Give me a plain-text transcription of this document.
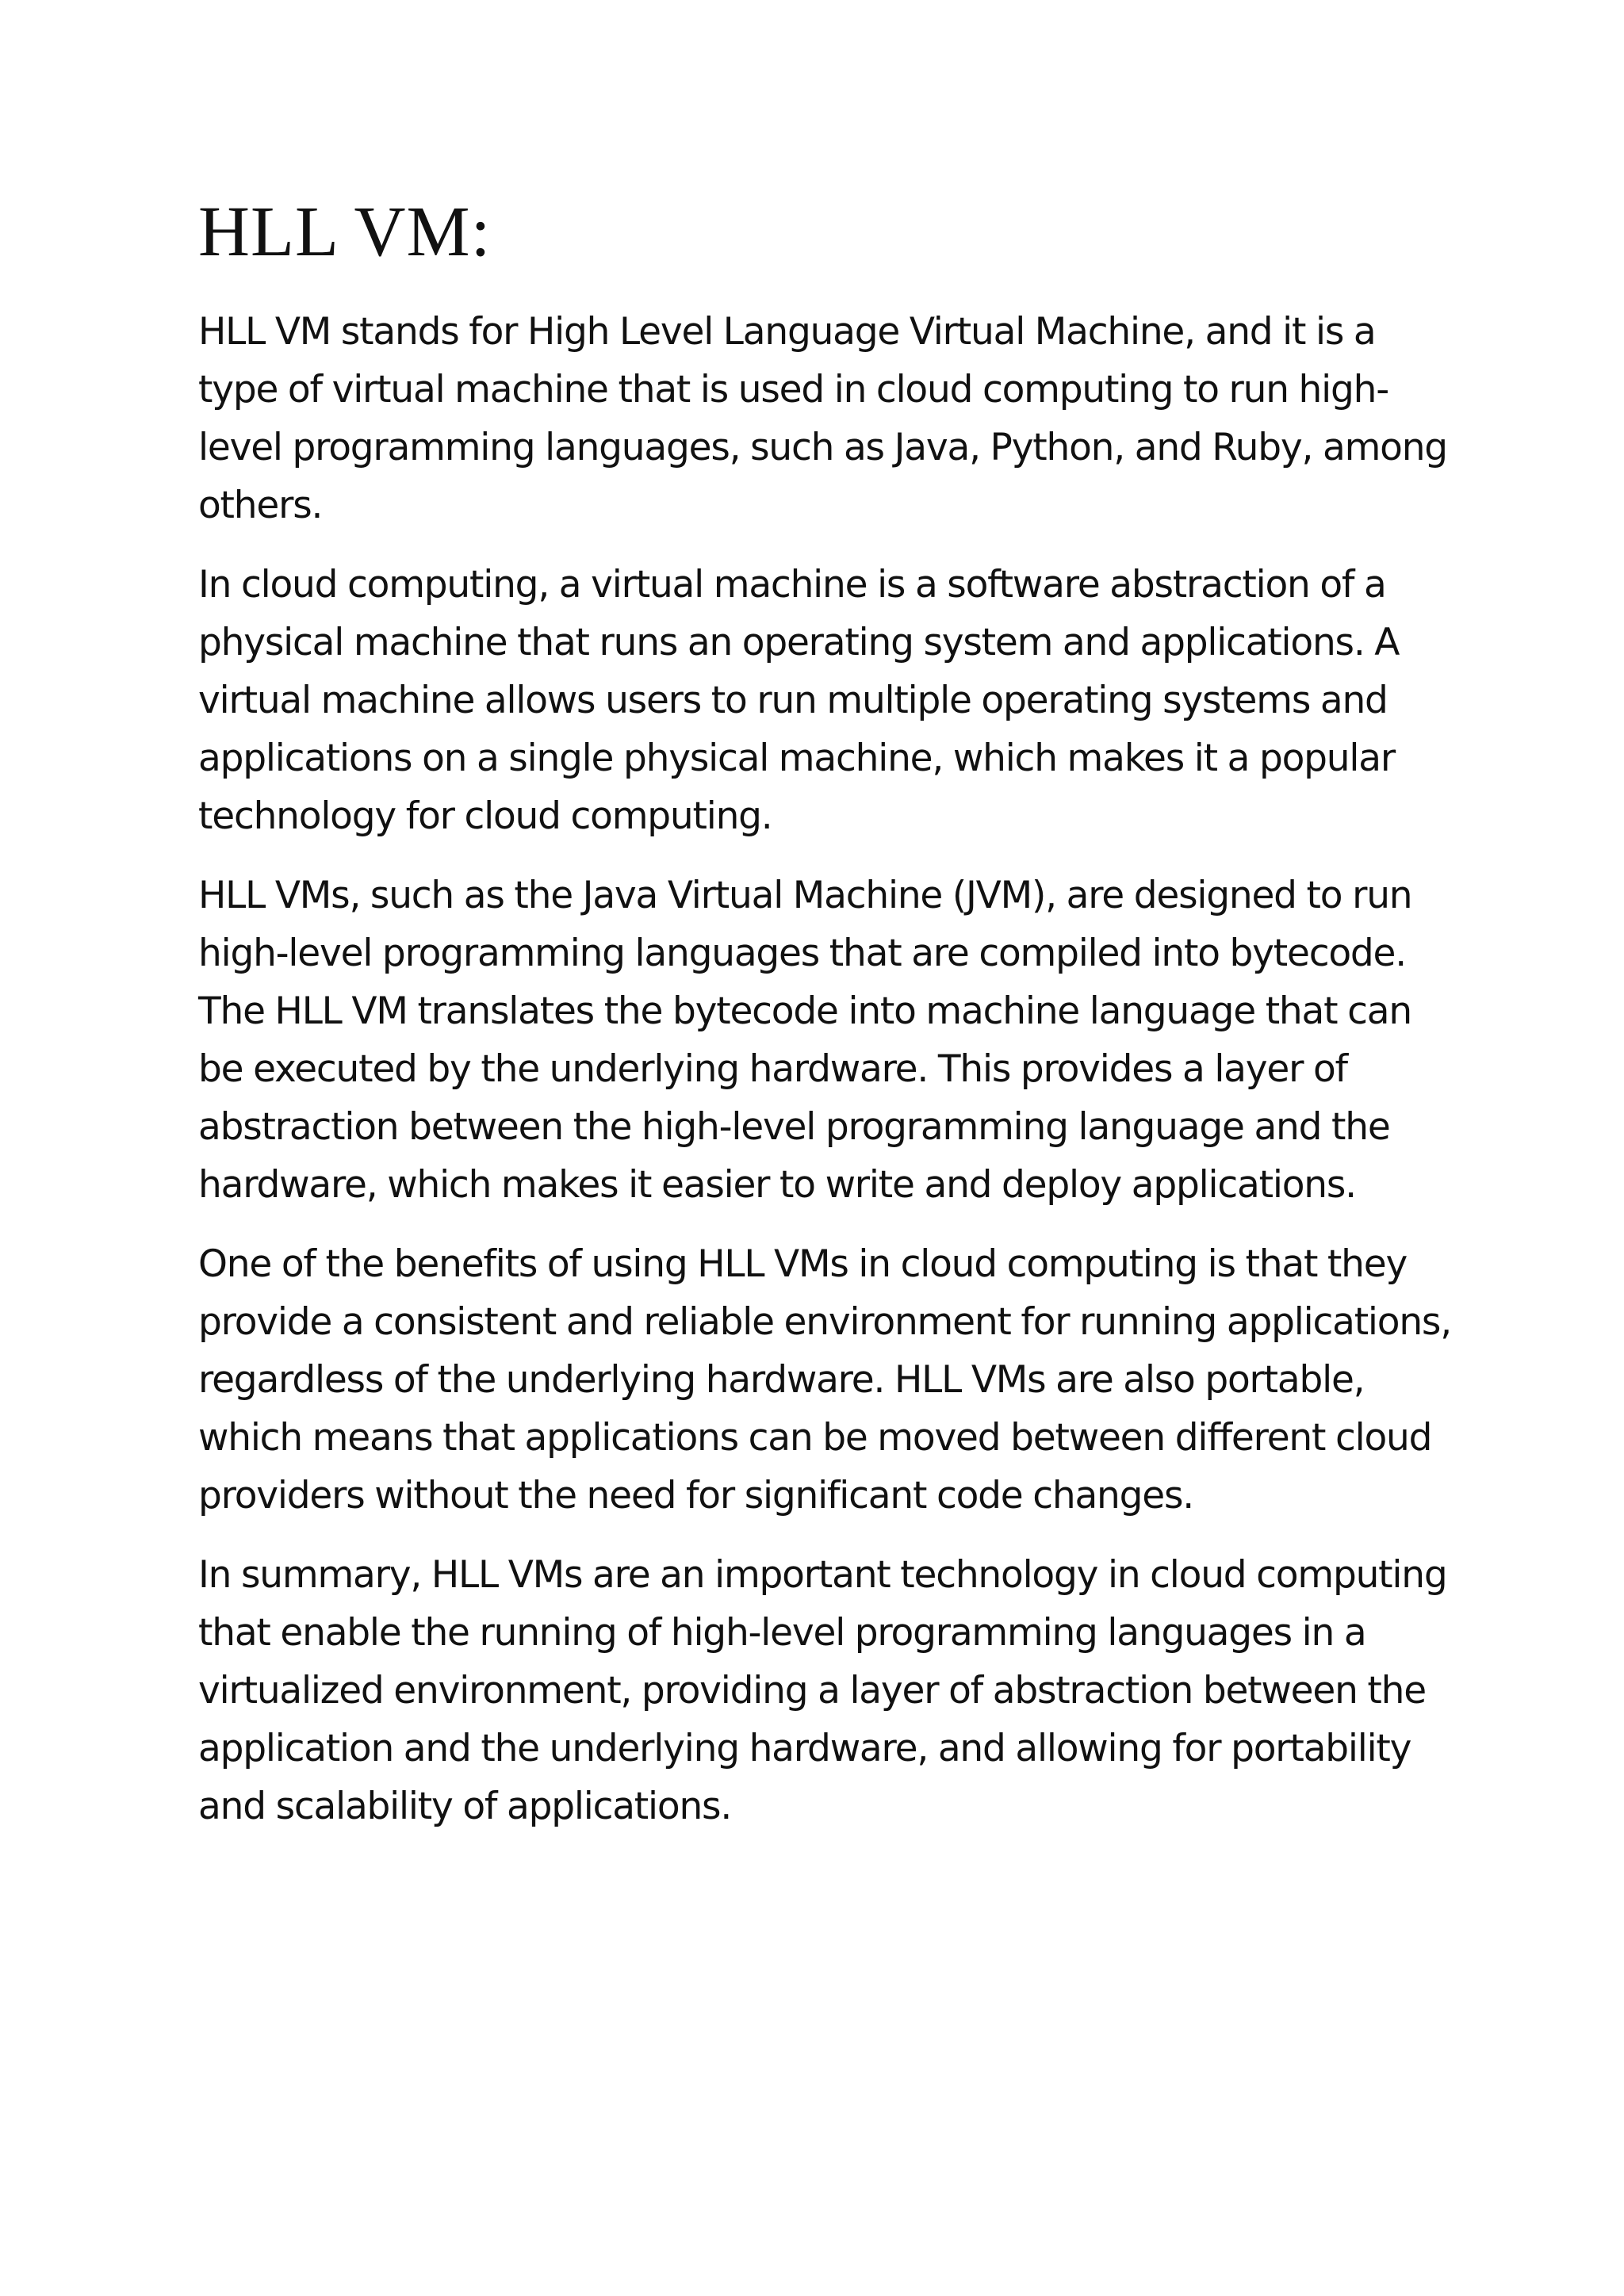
HLL VM:

HLL VM stands for High Level Language Virtual Machine, and it is a type of virtual machine that is used in cloud computing to run high-level programming languages, such as Java, Python, and Ruby, among others.

In cloud computing, a virtual machine is a software abstraction of a physical machine that runs an operating system and applications. A virtual machine allows users to run multiple operating systems and applications on a single physical machine, which makes it a popular technology for cloud computing.

HLL VMs, such as the Java Virtual Machine (JVM), are designed to run high-level programming languages that are compiled into bytecode. The HLL VM translates the bytecode into machine language that can be executed by the underlying hardware. This provides a layer of abstraction between the high-level programming language and the hardware, which makes it easier to write and deploy applications.

One of the benefits of using HLL VMs in cloud computing is that they provide a consistent and reliable environment for running applications, regardless of the underlying hardware. HLL VMs are also portable, which means that applications can be moved between different cloud providers without the need for significant code changes.

In summary, HLL VMs are an important technology in cloud computing that enable the running of high-level programming languages in a virtualized environment, providing a layer of abstraction between the application and the underlying hardware, and allowing for portability and scalability of applications.
